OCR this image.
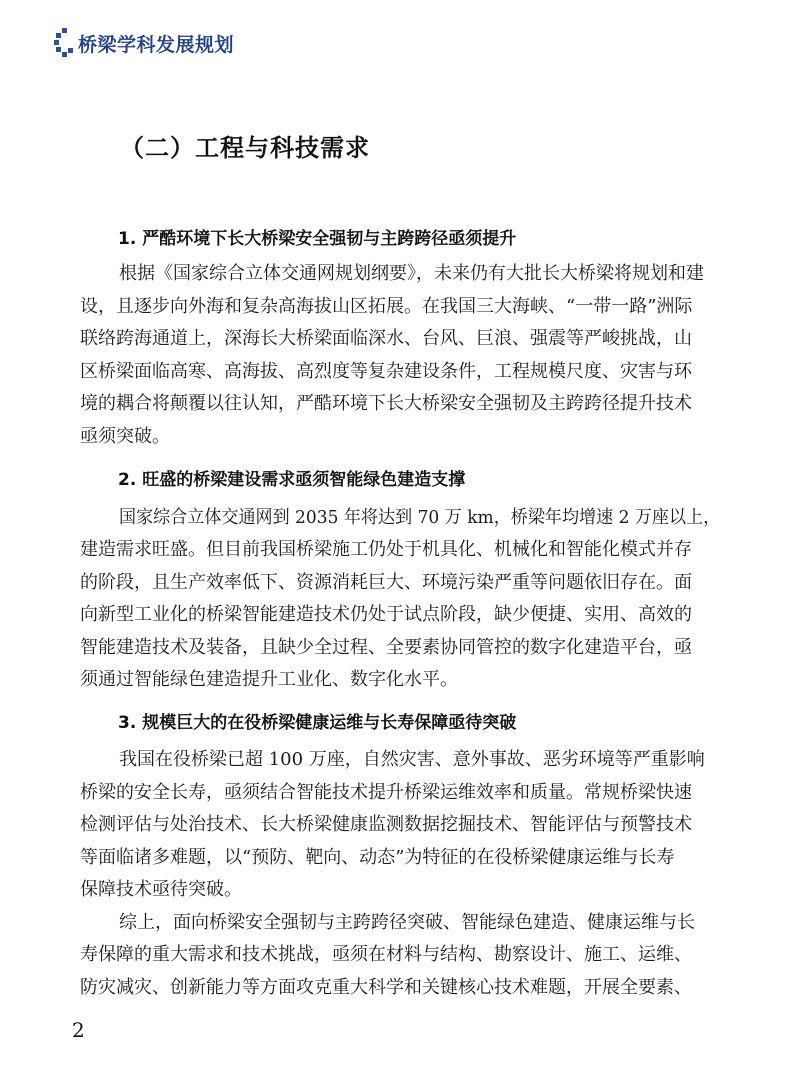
桥梁学科发展规划
（二）工程与科技需求
1. 严酷环境下长大桥梁安全强韧与主跨跨径亟须提升
根据《国家综合立体交通网规划纲要》，未来仍有大批长大桥梁将规划和建
设，且逐步向外海和复杂高海拔山区拓展。在我国三大海峡、“一带一路”洲际
联络跨海通道上，深海长大桥梁面临深水、台风、巨浪、强震等严峻挑战，山
区桥梁面临高寒、高海拔、高烈度等复杂建设条件，工程规模尺度、灾害与环
境的耦合将颠覆以往认知，严酷环境下长大桥梁安全强韧及主跨跨径提升技术
亟须突破。
2. 旺盛的桥梁建设需求亟须智能绿色建造支撑
国家综合立体交通网到 2035 年将达到 70 万 km，桥梁年均增速 2 万座以上，
建造需求旺盛。但目前我国桥梁施工仍处于机具化、机械化和智能化模式并存
的阶段，且生产效率低下、资源消耗巨大、环境污染严重等问题依旧存在。面
向新型工业化的桥梁智能建造技术仍处于试点阶段，缺少便捷、实用、高效的
智能建造技术及装备，且缺少全过程、全要素协同管控的数字化建造平台，亟
须通过智能绿色建造提升工业化、数字化水平。
3. 规模巨大的在役桥梁健康运维与长寿保障亟待突破
我国在役桥梁已超 100 万座，自然灾害、意外事故、恶劣环境等严重影响
桥梁的安全长寿，亟须结合智能技术提升桥梁运维效率和质量。常规桥梁快速
检测评估与处治技术、长大桥梁健康监测数据挖掘技术、智能评估与预警技术
等面临诸多难题，以“预防、靶向、动态”为特征的在役桥梁健康运维与长寿
保障技术亟待突破。
综上，面向桥梁安全强韧与主跨跨径突破、智能绿色建造、健康运维与长
寿保障的重大需求和技术挑战，亟须在材料与结构、勘察设计、施工、运维、
防灾减灾、创新能力等方面攻克重大科学和关键核心技术难题，开展全要素、
2
